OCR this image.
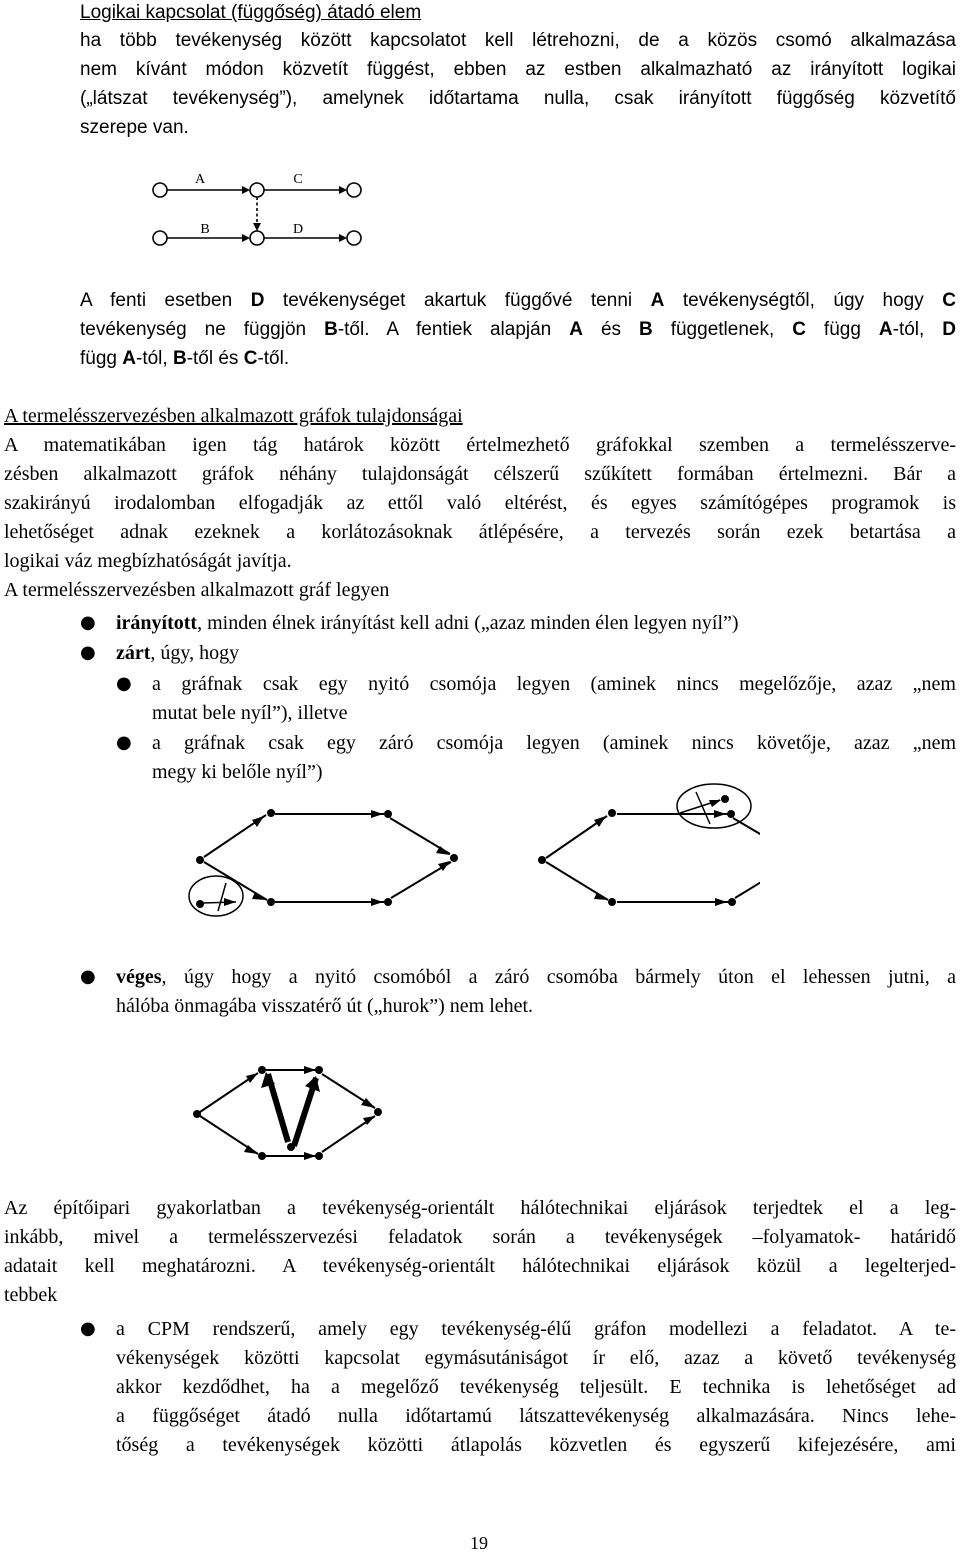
Logikai kapcsolat (függőség) átadó elem
ha több tevékenység között kapcsolatot kell létrehozni, de a közös csomó alkalmazása
nem kívánt módon közvetít függést, ebben az estben alkalmazható az irányított logikai
(„látszat tevékenység”), amelynek időtartama nulla, csak irányított függőség közvetítő
szerepe van.
A	C
B	D
A fenti esetben D tevékenységet akartuk függővé tenni A tevékenységtől, úgy hogy C
tevékenység ne függjön B-től. A fentiek alapján A és B függetlenek, C függ A-tól, D
függ A-tól, B-től és C-től.
A termelésszervezésben alkalmazott gráfok tulajdonságai
A matematikában igen tág határok között értelmezhető gráfokkal szemben a termelésszerve-
zésben alkalmazott gráfok néhány tulajdonságát célszerű szűkített formában értelmezni. Bár a
szakirányú irodalomban elfogadják az ettől való eltérést, és egyes számítógépes programok is
lehetőséget adnak ezeknek a korlátozásoknak átlépésére, a tervezés során ezek betartása a
logikai váz megbízhatóságát javítja.
A termelésszervezésben alkalmazott gráf legyen
● irányított, minden élnek irányítást kell adni („azaz minden élen legyen nyíl”)
● zárt, úgy, hogy
● a gráfnak csak egy nyitó csomója legyen (aminek nincs megelőzője, azaz „nem
mutat bele nyíl”), illetve
● a gráfnak csak egy záró csomója legyen (aminek nincs követője, azaz „nem
megy ki belőle nyíl”)
● véges, úgy hogy a nyitó csomóból a záró csomóba bármely úton el lehessen jutni, a
hálóba önmagába visszatérő út („hurok”) nem lehet.
Az építőipari gyakorlatban a tevékenység-orientált hálótechnikai eljárások terjedtek el a leg-
inkább, mivel a termelésszervezési feladatok során a tevékenységek –folyamatok- határidő
adatait kell meghatározni. A tevékenység-orientált hálótechnikai eljárások közül a legelterjed-
tebbek
● a CPM rendszerű, amely egy tevékenység-élű gráfon modellezi a feladatot. A te-
vékenységek közötti kapcsolat egymásutániságot ír elő, azaz a követő tevékenység
akkor kezdődhet, ha a megelőző tevékenység teljesült. E technika is lehetőséget ad
a függőséget átadó nulla időtartamú látszattevékenység alkalmazására. Nincs lehe-
tőség a tevékenységek közötti átlapolás közvetlen és egyszerű kifejezésére, ami
19
